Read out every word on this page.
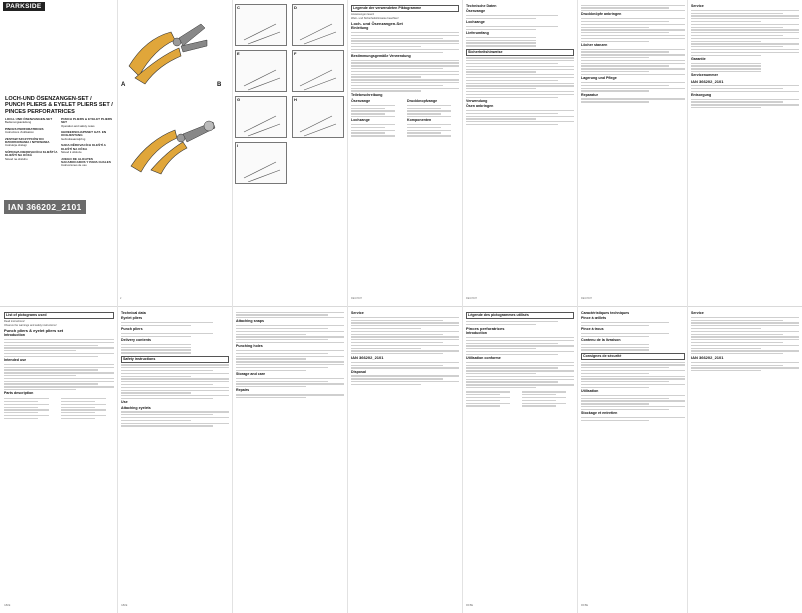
PARKSIDE
LOCH-UND ÖSENZANGEN-SET /
PUNCH PLIERS & EYELET PLIERS SET /
PINCES PERFORATRICES
LOCH- UND ÖSENZANGEN-SET
Bedienungsanleitung

PINCES PERFORATRICES
Instructions d'utilisation

ZESTAW SZCZYPCÓW DO DZIURKOWANIA I NITOWANIA
Instrukcja obsługi

SÚPRAVA DIEROVACÍCH KLIEŠTÍ A KLIEŠTÍ NA OČKÁ
Návod na obsluhu
PUNCH PLIERS & EYELET PLIERS SET
Operation and safety notes

GEREEDSCHAPSSET GAT- EN OOGJESTANG
Gebruiksaanwijzing

SADA DĚROVACÍCH KLEŠTÍ A KLEŠTÍ NA OČKA
Návod k obsluze

JUEGO DE ALICATES SACABOCADOS Y PARA OJALES
Instrucciones de uso
IAN 366202_2101
A	B
2
C	D
E	F
G	H
I
Legende der verwendeten Piktogramme
Anweisungen lesen!
Warn- und Sicherheitshinweise beachten!
Loch- und Ösenzangen-Set
Einleitung
Bestimmungsgemäße Verwendung
Teilebeschreibung
Ösenzange
Lochzange
Druckknopfzange
Komponenten
DE/AT/CH
Technische Daten
Ösenzange
Lochzange
Lieferumfang
Sicherheitshinweise
Verwendung
Ösen anbringen
DE/AT/CH
Druckknöpfe anbringen
Löcher stanzen
Lagerung und Pflege
Reparatur
DE/AT/CH
Service
Garantie
Servicenummer
IAN 366202_2101
Entsorgung
List of pictograms used
Read instructions!
Observe the warnings and safety instructions!
Punch pliers & eyelet pliers set
Introduction
Intended use
Parts description
GB/IE
Technical data
Eyelet pliers
Punch pliers
Delivery contents
Safety instructions
Use
Attaching eyelets
GB/IE
Attaching snaps
Punching holes
Storage and care
Repairs
Service
IAN 366202_2101
Disposal
Légende des pictogrammes utilisés
Pinces perforatrices
Introduction
Utilisation conforme
FR/BE
Caractéristiques techniques
Pince à œillets
Pince à trous
Contenu de la livraison
Consignes de sécurité
Utilisation
Stockage et entretien
FR/BE
Service
IAN 366202_2101
